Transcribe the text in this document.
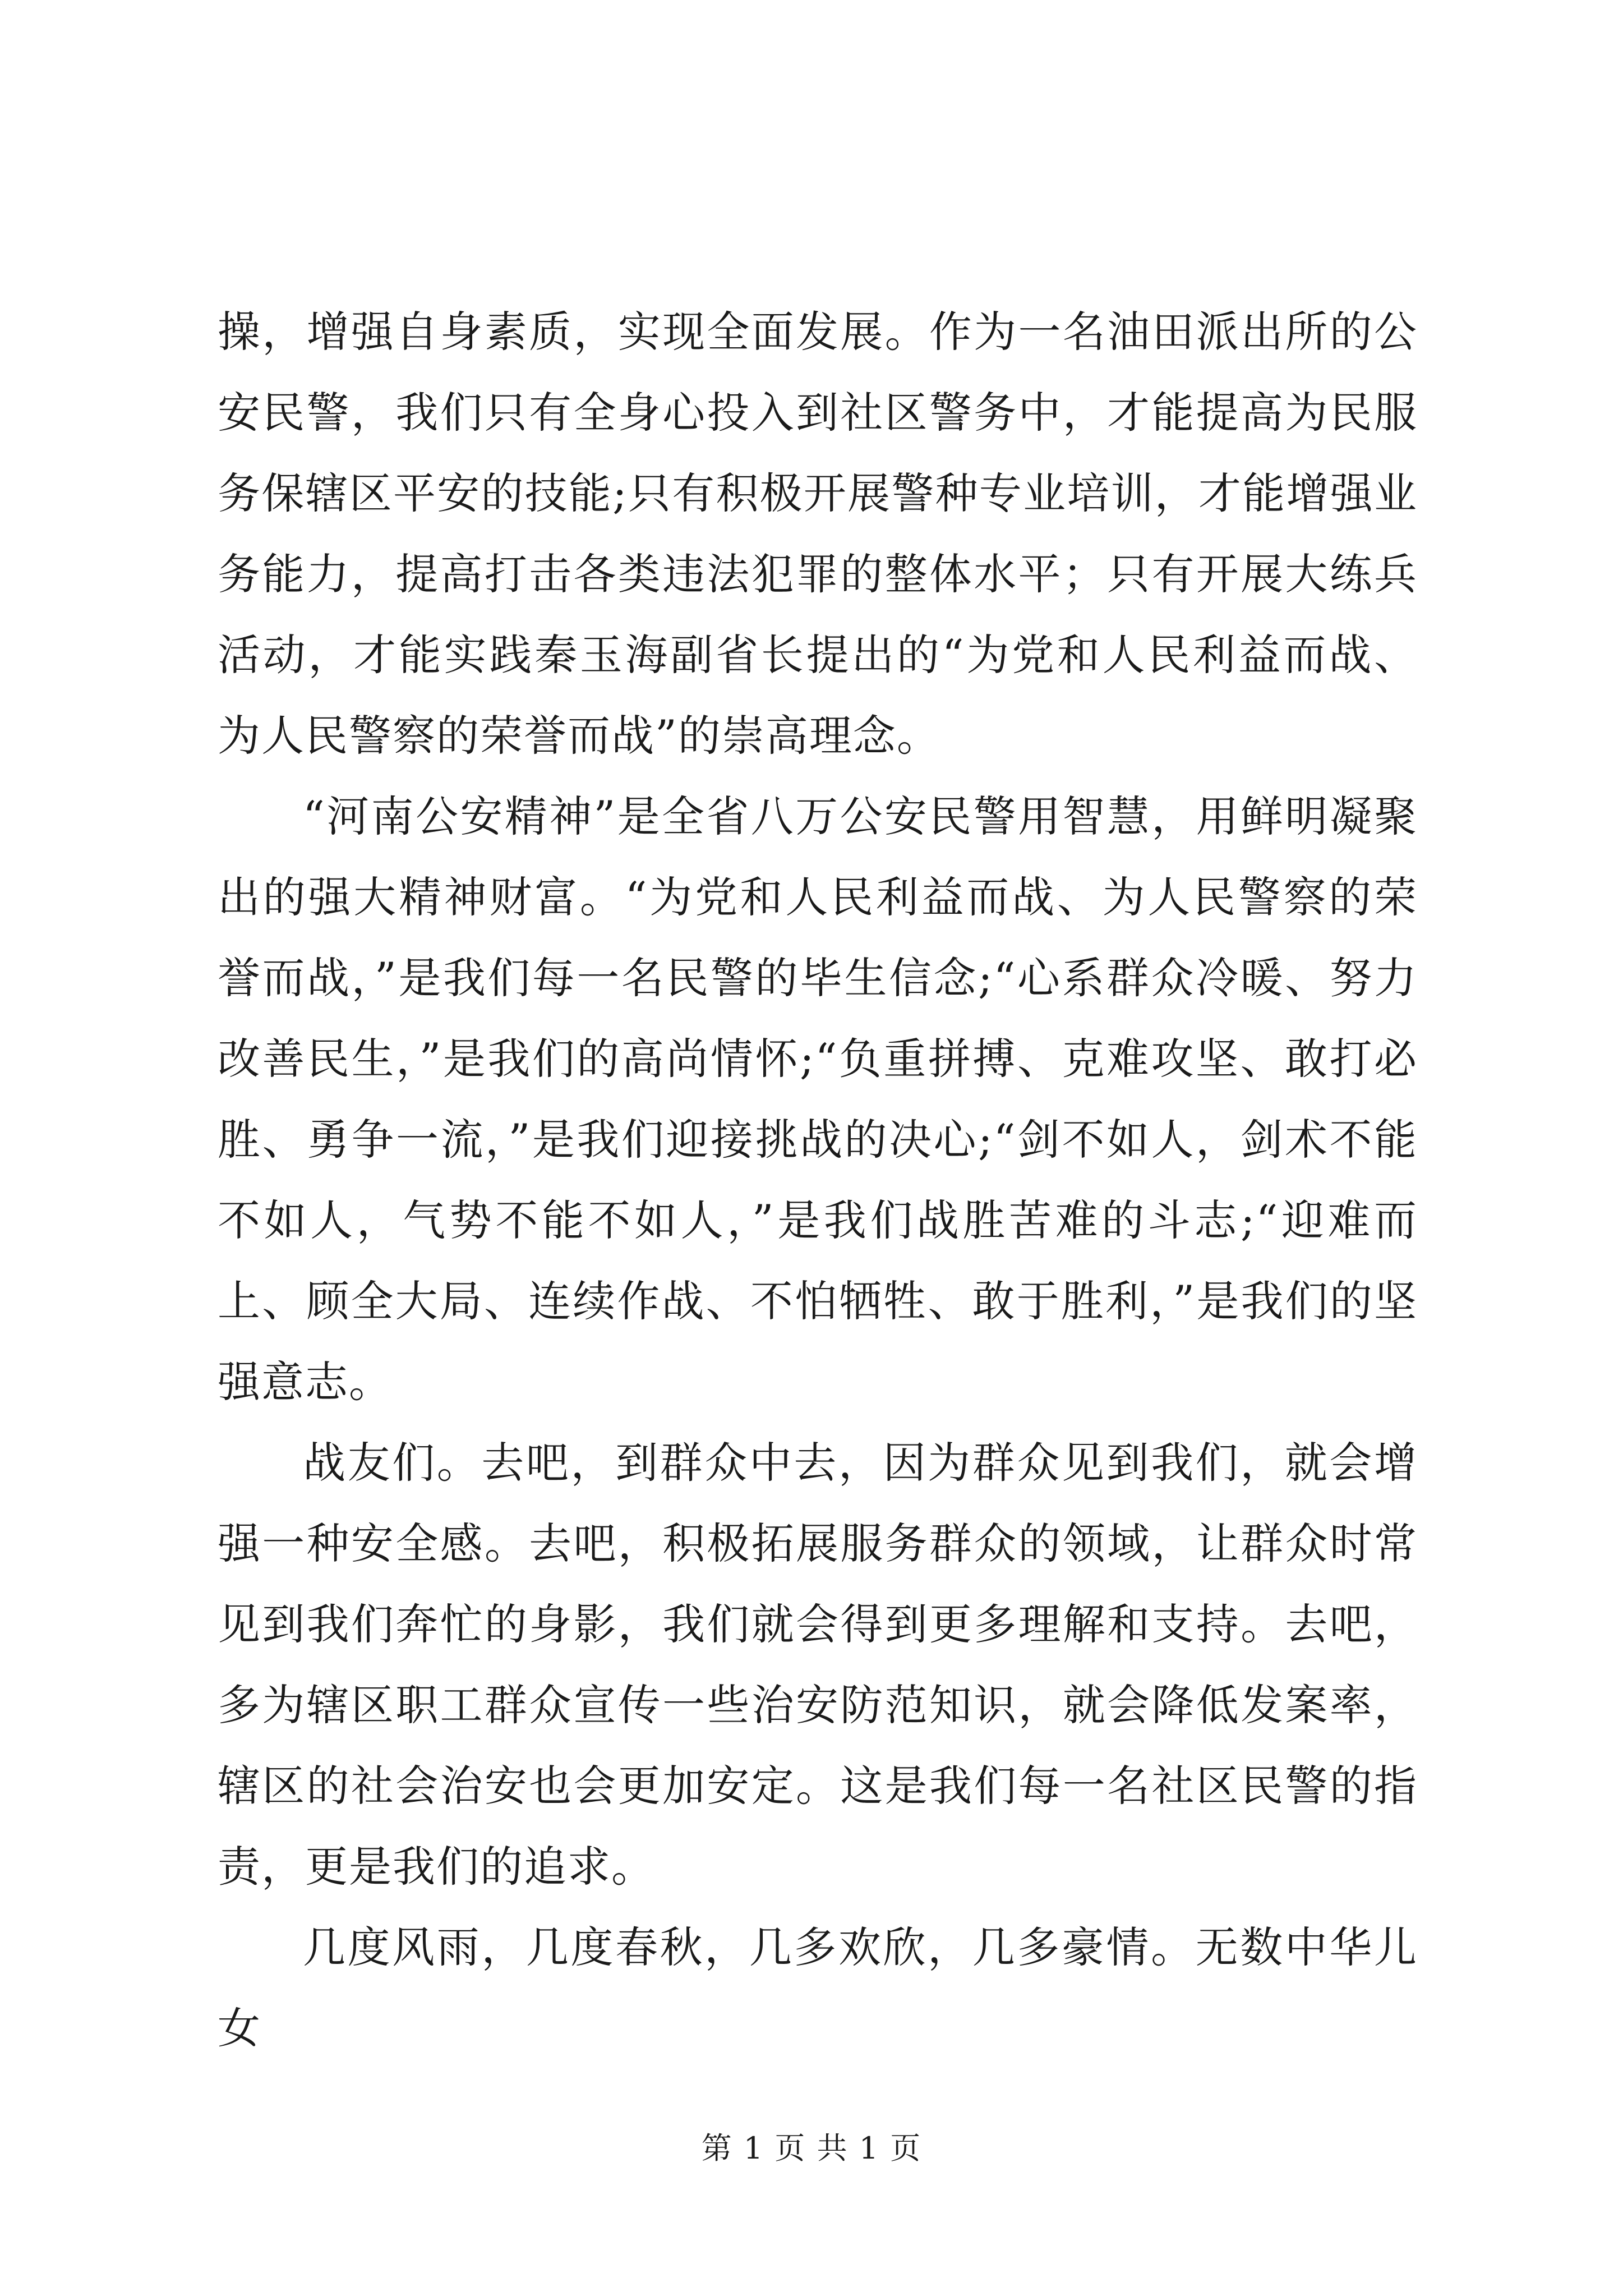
操，增强自身素质，实现全面发展。作为一名油田派出所的公安民警，我们只有全身心投入到社区警务中，才能提高为民服务保辖区平安的技能;只有积极开展警种专业培训，才能增强业务能力，提高打击各类违法犯罪的整体水平；只有开展大练兵活动，才能实践秦玉海副省长提出的“为党和人民利益而战、为人民警察的荣誉而战”的崇高理念。

“河南公安精神”是全省八万公安民警用智慧，用鲜明凝聚出的强大精神财富。“为党和人民利益而战、为人民警察的荣誉而战，”是我们每一名民警的毕生信念;“心系群众冷暖、努力改善民生，”是我们的高尚情怀;“负重拼搏、克难攻坚、敢打必胜、勇争一流，”是我们迎接挑战的决心;“剑不如人，剑术不能不如人，气势不能不如人，”是我们战胜苦难的斗志;“迎难而上、顾全大局、连续作战、不怕牺牲、敢于胜利，”是我们的坚强意志。

战友们。去吧，到群众中去，因为群众见到我们，就会增强一种安全感。去吧，积极拓展服务群众的领域，让群众时常见到我们奔忙的身影，我们就会得到更多理解和支持。去吧，多为辖区职工群众宣传一些治安防范知识，就会降低发案率，辖区的社会治安也会更加安定。这是我们每一名社区民警的指责，更是我们的追求。

几度风雨，几度春秋，几多欢欣，几多豪情。无数中华儿女

第 1 页 共 1 页
